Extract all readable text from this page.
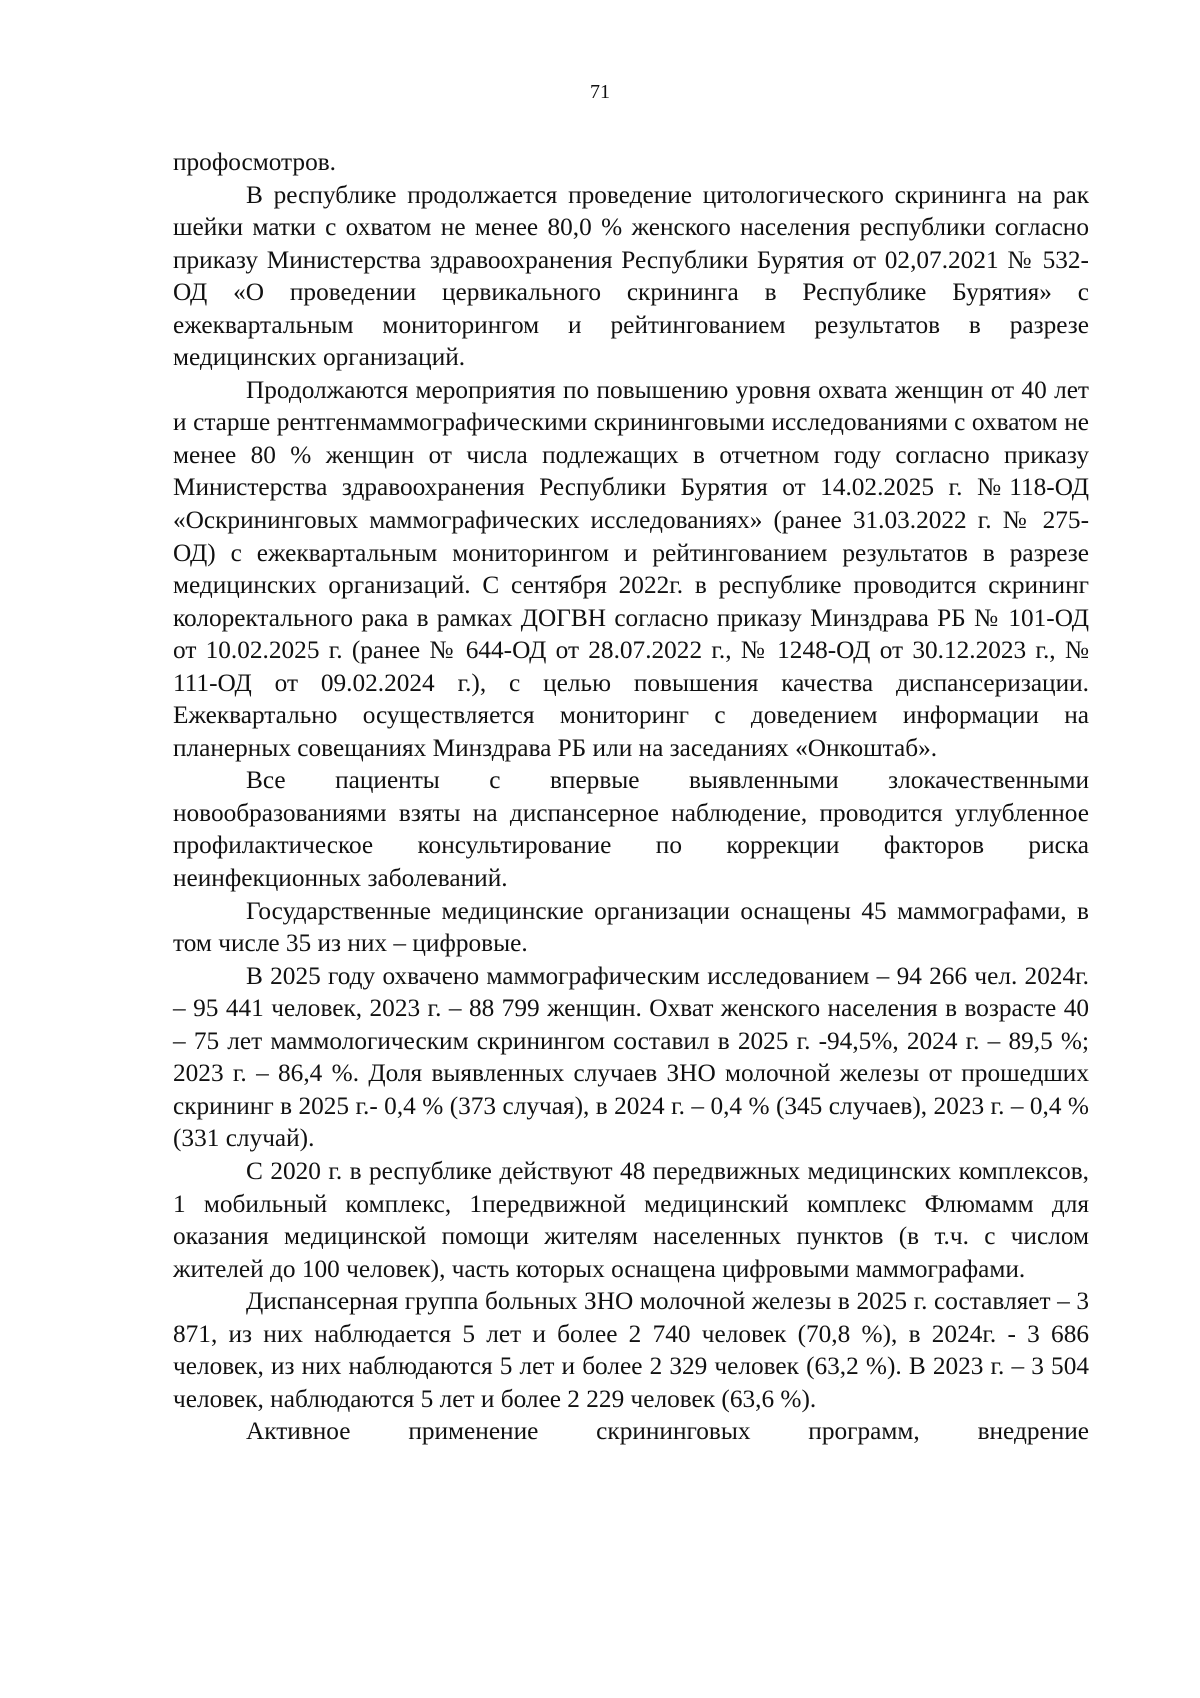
71

профосмотров.

В республике продолжается проведение цитологического скрининга на рак шейки матки с охватом не менее 80,0 % женского населения республики согласно приказу Министерства здравоохранения Республики Бурятия от 02,07.2021 № 532-ОД «О проведении цервикального скрининга в Республике Бурятия» с ежеквартальным мониторингом и рейтингованием результатов в разрезе медицинских организаций.

Продолжаются мероприятия по повышению уровня охвата женщин от 40 лет и старше рентгенмаммографическими скрининговыми исследованиями с охватом не менее 80 % женщин от числа подлежащих в отчетном году согласно приказу Министерства здравоохранения Республики Бурятия от 14.02.2025 г. №118-ОД «Оскрининговых маммографических исследованиях» (ранее 31.03.2022 г. № 275-ОД) с ежеквартальным мониторингом и рейтингованием результатов в разрезе медицинских организаций. С сентября 2022г. в республике проводится скрининг колоректального рака в рамках ДОГВН согласно приказу Минздрава РБ № 101-ОД от 10.02.2025 г. (ранее № 644-ОД от 28.07.2022 г., № 1248-ОД от 30.12.2023 г., № 111-ОД от 09.02.2024 г.), с целью повышения качества диспансеризации. Ежеквартально осуществляется мониторинг с доведением информации на планерных совещаниях Минздрава РБ или на заседаниях «Онкоштаб».

Все пациенты с впервые выявленными злокачественными новообразованиями взяты на диспансерное наблюдение, проводится углубленное профилактическое консультирование по коррекции факторов риска неинфекционных заболеваний.

Государственные медицинские организации оснащены 45 маммографами, в том числе 35 из них – цифровые.

В 2025 году охвачено маммографическим исследованием – 94 266 чел. 2024г. – 95 441 человек, 2023 г. – 88 799 женщин. Охват женского населения в возрасте 40 – 75 лет маммологическим скринингом составил в 2025 г. -94,5%, 2024 г. – 89,5 %; 2023 г. – 86,4 %. Доля выявленных случаев ЗНО молочной железы от прошедших скрининг в 2025 г.- 0,4 % (373 случая), в 2024 г. – 0,4 % (345 случаев), 2023 г. – 0,4 % (331 случай).

С 2020 г. в республике действуют 48 передвижных медицинских комплексов, 1 мобильный комплекс, 1передвижной медицинский комплекс Флюмамм для оказания медицинской помощи жителям населенных пунктов (в т.ч. с числом жителей до 100 человек), часть которых оснащена цифровыми маммографами.

Диспансерная группа больных ЗНО молочной железы в 2025 г. составляет – 3 871, из них наблюдается 5 лет и более 2 740 человек (70,8 %), в 2024г. - 3 686 человек, из них наблюдаются 5 лет и более 2 329 человек (63,2 %). В 2023 г. – 3 504 человек, наблюдаются 5 лет и более 2 229 человек (63,6 %).

Активное применение скрининговых программ, внедрение
